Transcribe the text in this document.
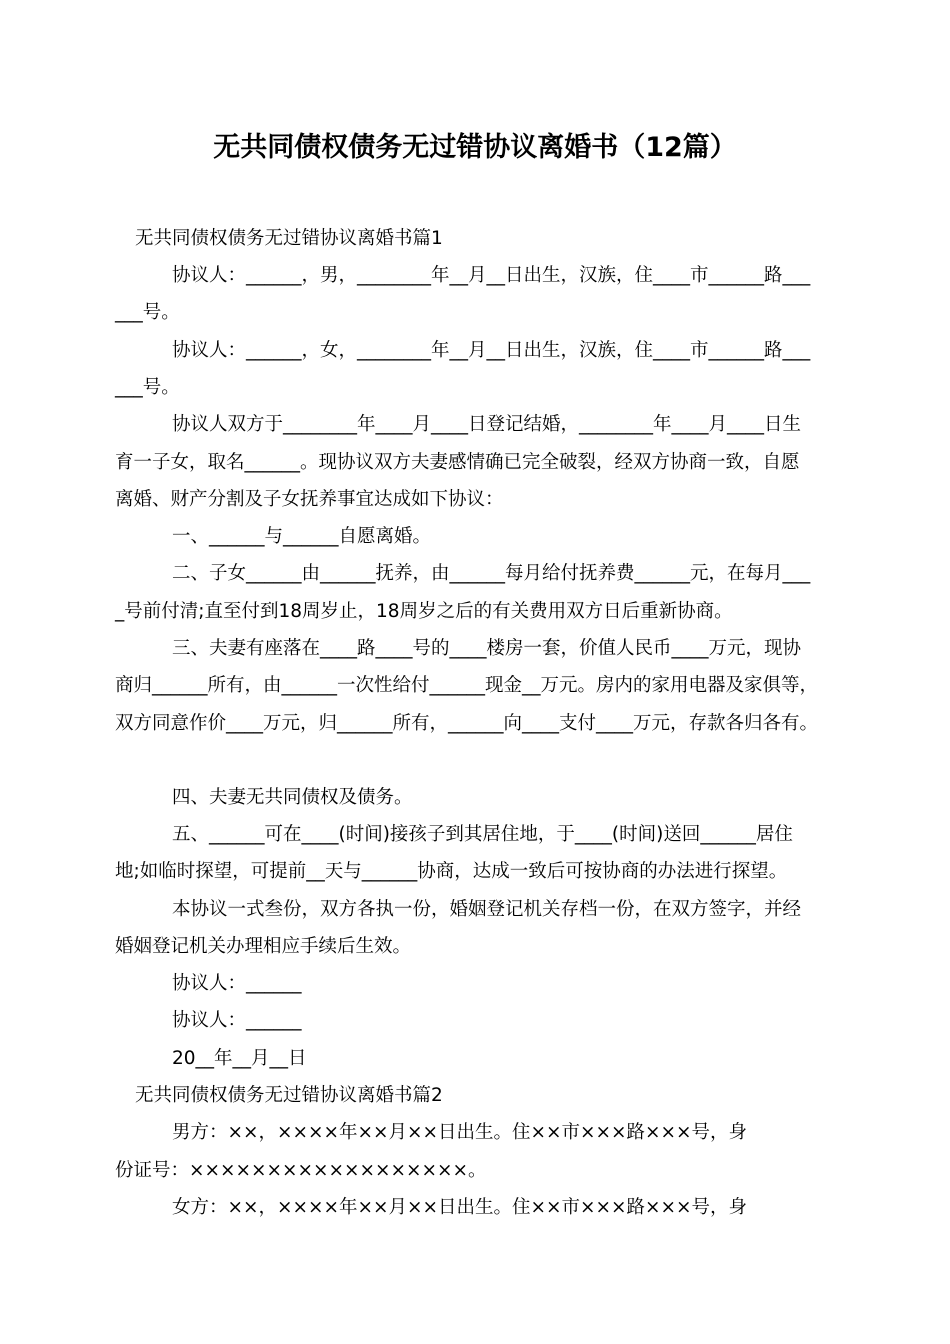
无共同债权债务无过错协议离婚书（12篇）
无共同债权债务无过错协议离婚书篇1
协议人：______，男，________年__月__日出生，汉族，住____市______路___
___号。
协议人：______，女，________年__月__日出生，汉族，住____市______路___
___号。
协议人双方于________年____月____日登记结婚，________年____月____日生
育一子女，取名______。现协议双方夫妻感情确已完全破裂，经双方协商一致，自愿
离婚、财产分割及子女抚养事宜达成如下协议：
一、______与______自愿离婚。
二、子女______由______抚养，由______每月给付抚养费______元，在每月___
_号前付清;直至付到18周岁止，18周岁之后的有关费用双方日后重新协商。
三、夫妻有座落在____路____号的____楼房一套，价值人民币____万元，现协
商归______所有，由______一次性给付______现金__万元。房内的家用电器及家俱等，
双方同意作价____万元，归______所有，______向____支付____万元，存款各归各有。
四、夫妻无共同债权及债务。
五、______可在____(时间)接孩子到其居住地，于____(时间)送回______居住
地;如临时探望，可提前__天与______协商，达成一致后可按协商的办法进行探望。
本协议一式叁份，双方各执一份，婚姻登记机关存档一份，在双方签字，并经
婚姻登记机关办理相应手续后生效。
协议人：______
协议人：______
20__年__月__日
无共同债权债务无过错协议离婚书篇2
男方：××，××××年××月××日出生。住××市×××路×××号，身
份证号：××××××××××××××××××。
女方：××，××××年××月××日出生。住××市×××路×××号，身
